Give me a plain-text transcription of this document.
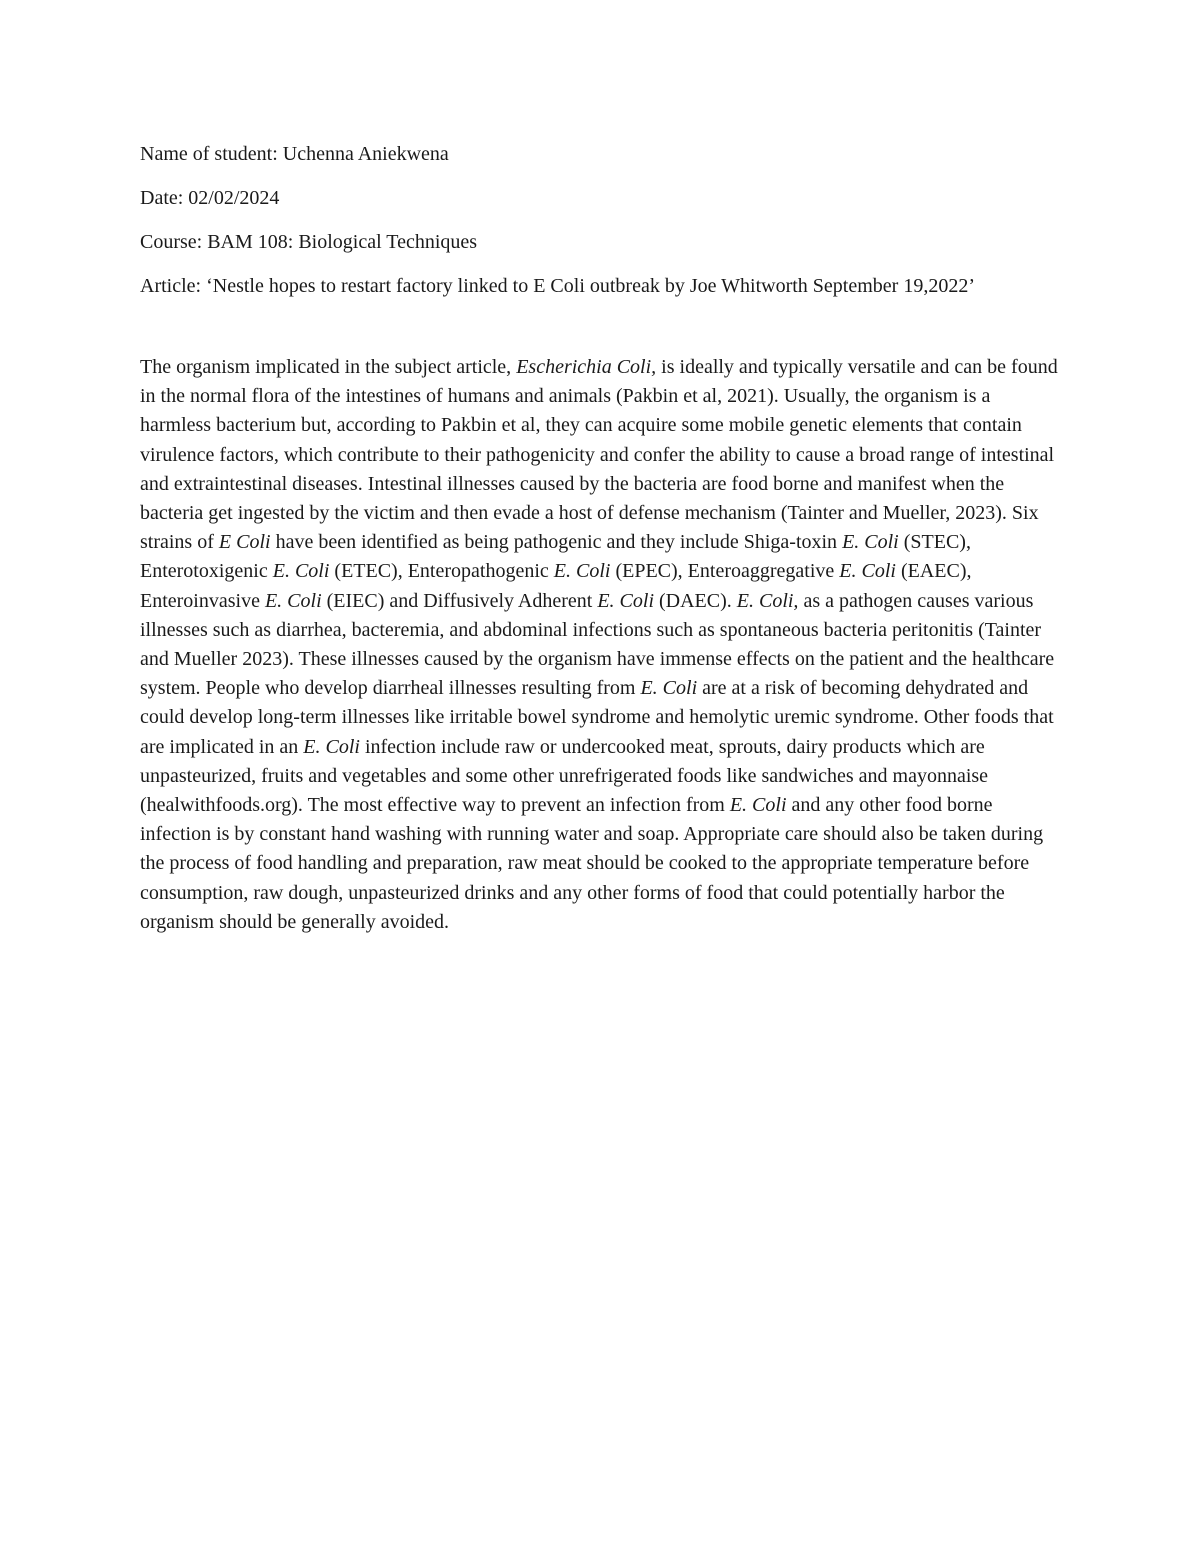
Name of student: Uchenna Aniekwena

Date: 02/02/2024

Course: BAM 108: Biological Techniques

Article: ‘Nestle hopes to restart factory linked to E Coli outbreak by Joe Whitworth September 19,2022’

The organism implicated in the subject article, Escherichia Coli, is ideally and typically versatile and can be found in the normal flora of the intestines of humans and animals (Pakbin et al, 2021). Usually, the organism is a harmless bacterium but, according to Pakbin et al, they can acquire some mobile genetic elements that contain virulence factors, which contribute to their pathogenicity and confer the ability to cause a broad range of intestinal and extraintestinal diseases. Intestinal illnesses caused by the bacteria are food borne and manifest when the bacteria get ingested by the victim and then evade a host of defense mechanism (Tainter and Mueller, 2023). Six strains of E Coli have been identified as being pathogenic and they include Shiga-toxin E. Coli (STEC), Enterotoxigenic E. Coli (ETEC), Enteropathogenic E. Coli (EPEC), Enteroaggregative E. Coli (EAEC), Enteroinvasive E. Coli (EIEC) and Diffusively Adherent E. Coli (DAEC). E. Coli, as a pathogen causes various illnesses such as diarrhea, bacteremia, and abdominal infections such as spontaneous bacteria peritonitis (Tainter and Mueller 2023). These illnesses caused by the organism have immense effects on the patient and the healthcare system. People who develop diarrheal illnesses resulting from E. Coli are at a risk of becoming dehydrated and could develop long-term illnesses like irritable bowel syndrome and hemolytic uremic syndrome. Other foods that are implicated in an E. Coli infection include raw or undercooked meat, sprouts, dairy products which are unpasteurized, fruits and vegetables and some other unrefrigerated foods like sandwiches and mayonnaise (healwithfoods.org). The most effective way to prevent an infection from E. Coli and any other food borne infection is by constant hand washing with running water and soap. Appropriate care should also be taken during the process of food handling and preparation, raw meat should be cooked to the appropriate temperature before consumption, raw dough, unpasteurized drinks and any other forms of food that could potentially harbor the organism should be generally avoided.
